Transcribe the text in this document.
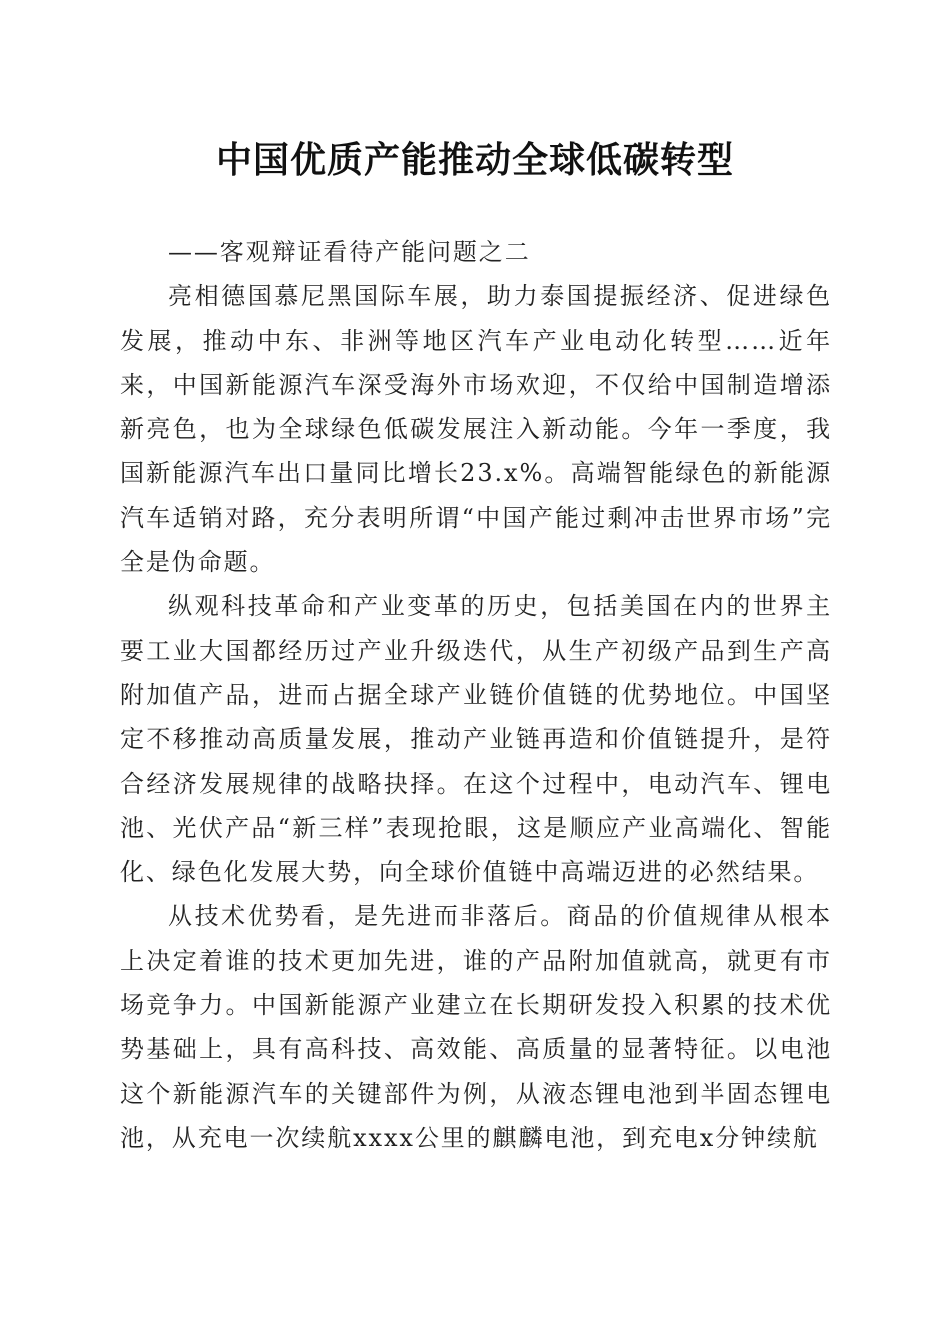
中国优质产能推动全球低碳转型

——客观辩证看待产能问题之二

亮相德国慕尼黑国际车展，助力泰国提振经济、促进绿色发展，推动中东、非洲等地区汽车产业电动化转型……近年来，中国新能源汽车深受海外市场欢迎，不仅给中国制造增添新亮色，也为全球绿色低碳发展注入新动能。今年一季度，我国新能源汽车出口量同比增长23.x%。高端智能绿色的新能源汽车适销对路，充分表明所谓“中国产能过剩冲击世界市场”完全是伪命题。

纵观科技革命和产业变革的历史，包括美国在内的世界主要工业大国都经历过产业升级迭代，从生产初级产品到生产高附加值产品，进而占据全球产业链价值链的优势地位。中国坚定不移推动高质量发展，推动产业链再造和价值链提升，是符合经济发展规律的战略抉择。在这个过程中，电动汽车、锂电池、光伏产品“新三样”表现抢眼，这是顺应产业高端化、智能化、绿色化发展大势，向全球价值链中高端迈进的必然结果。

从技术优势看，是先进而非落后。商品的价值规律从根本上决定着谁的技术更加先进，谁的产品附加值就高，就更有市场竞争力。中国新能源产业建立在长期研发投入积累的技术优势基础上，具有高科技、高效能、高质量的显著特征。以电池这个新能源汽车的关键部件为例，从液态锂电池到半固态锂电池，从充电一次续航xxxx公里的麒麟电池，到充电x分钟续航
